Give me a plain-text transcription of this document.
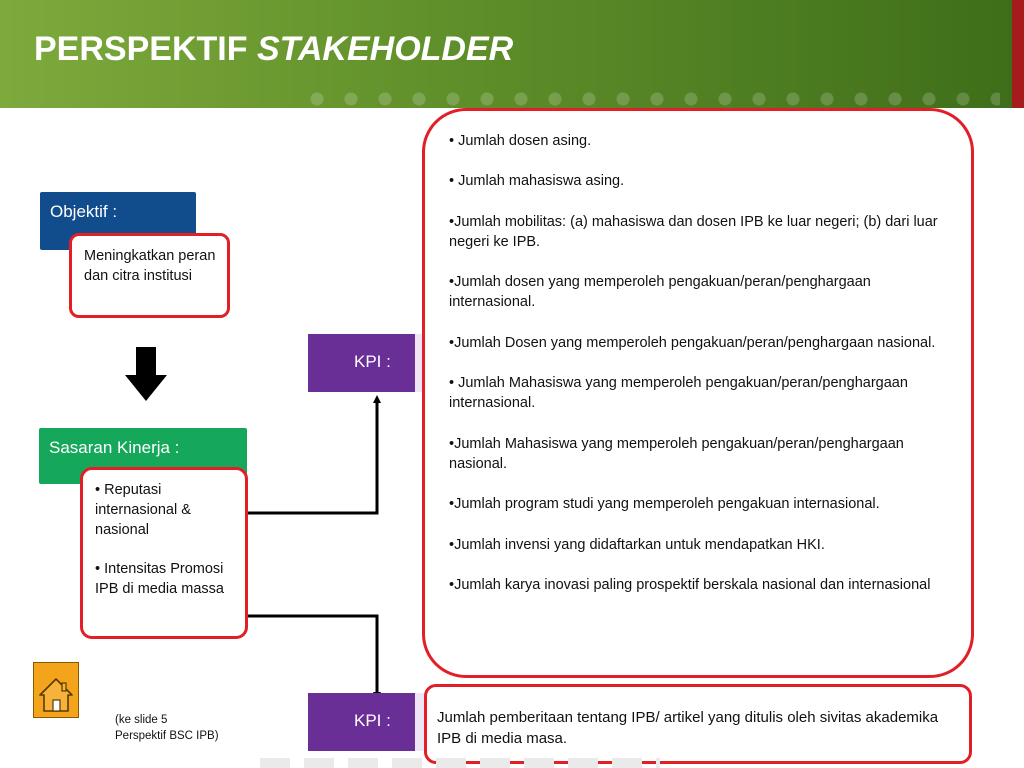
PERSPEKTIF STAKEHOLDER
Objektif :
Meningkatkan peran dan citra institusi
Sasaran Kinerja :
• Reputasi internasional & nasional
• Intensitas Promosi IPB di media massa
KPI :
• Jumlah dosen asing.
• Jumlah mahasiswa asing.
•Jumlah mobilitas: (a) mahasiswa dan dosen IPB ke luar negeri; (b) dari luar negeri ke IPB.
•Jumlah dosen yang memperoleh pengakuan/peran/penghargaan internasional.
•Jumlah Dosen yang memperoleh pengakuan/peran/penghargaan nasional.
• Jumlah Mahasiswa yang memperoleh pengakuan/peran/penghargaan internasional.
•Jumlah Mahasiswa yang memperoleh pengakuan/peran/penghargaan nasional.
•Jumlah program studi yang memperoleh pengakuan internasional.
•Jumlah invensi yang didaftarkan untuk mendapatkan HKI.
•Jumlah karya inovasi paling prospektif berskala nasional dan internasional
KPI :	Jumlah pemberitaan tentang IPB/ artikel yang ditulis oleh sivitas akademika IPB di media masa.
(ke slide 5
Perspektif BSC IPB)
